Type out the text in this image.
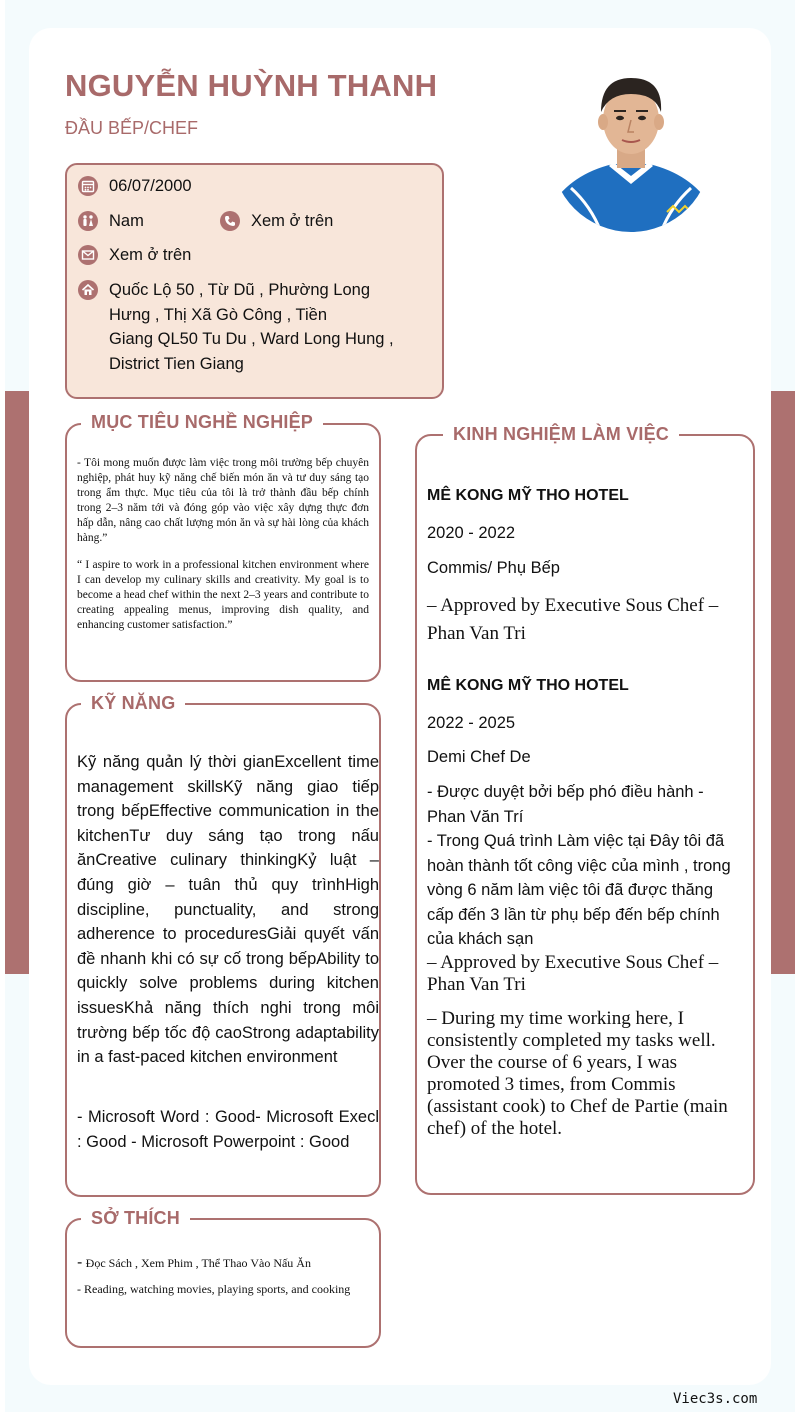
NGUYỄN HUỲNH THANH
ĐẦU BẾP/CHEF
06/07/2000
Nam	Xem ở trên
Xem ở trên
Quốc Lộ 50 , Từ Dũ , Phường Long
Hưng , Thị Xã Gò Công , Tiền
Giang QL50 Tu Du , Ward Long Hung ,
District Tien Giang
MỤC TIÊU NGHỀ NGHIỆP
- Tôi mong muốn được làm việc trong môi trường bếp chuyên nghiệp, phát huy kỹ năng chế biến món ăn và tư duy sáng tạo trong ẩm thực. Mục tiêu của tôi là trở thành đầu bếp chính trong 2–3 năm tới và đóng góp vào việc xây dựng thực đơn hấp dẫn, nâng cao chất lượng món ăn và sự hài lòng của khách hàng.”
“ I aspire to work in a professional kitchen environment where I can develop my culinary skills and creativity. My goal is to become a head chef within the next 2–3 years and contribute to creating appealing menus, improving dish quality, and enhancing customer satisfaction.”
KỸ NĂNG
Kỹ năng quản lý thời gianExcellent time management skillsKỹ năng giao tiếp trong bếpEffective communication in the kitchenTư duy sáng tạo trong nấu ănCreative culinary thinkingKỷ luật – đúng giờ – tuân thủ quy trìnhHigh discipline, punctuality, and strong adherence to proceduresGiải quyết vấn đề nhanh khi có sự cố trong bếpAbility to quickly solve problems during kitchen issuesKhả năng thích nghi trong môi trường bếp tốc độ caoStrong adaptability in a fast-paced kitchen environment
- Microsoft Word : Good- Microsoft Execl : Good - Microsoft Powerpoint : Good
SỞ THÍCH
- Đọc Sách , Xem Phim , Thể Thao Vào Nấu Ăn
- Reading, watching movies, playing sports, and cooking
KINH NGHIỆM LÀM VIỆC
MÊ KONG MỸ THO HOTEL
2020 - 2022
Commis/ Phụ Bếp
– Approved by Executive Sous Chef – Phan Van Tri
MÊ KONG MỸ THO HOTEL
2022 - 2025
Demi Chef De
- Được duyệt bởi bếp phó điều hành - Phan Văn Trí
- Trong Quá trình Làm việc tại Đây tôi đã hoàn thành tốt công việc của mình , trong vòng 6 năm làm việc tôi đã được thăng cấp đến 3 lần từ phụ bếp đến bếp chính của khách sạn
– Approved by Executive Sous Chef – Phan Van Tri
– During my time working here, I consistently completed my tasks well. Over the course of 6 years, I was promoted 3 times, from Commis (assistant cook) to Chef de Partie (main chef) of the hotel.
Viec3s.com
